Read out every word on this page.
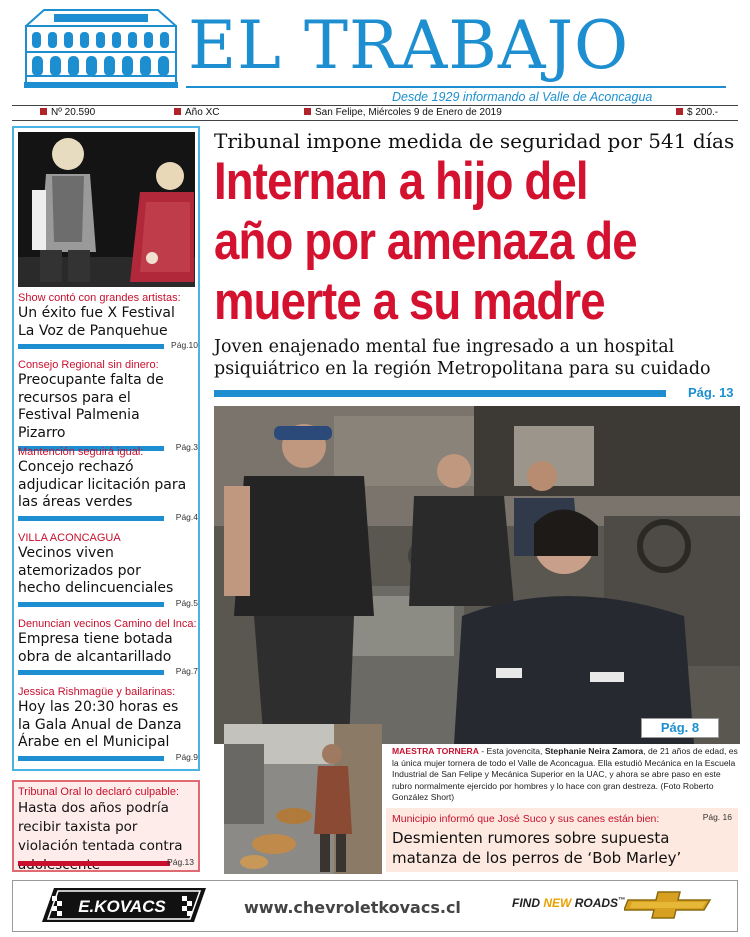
EL TRABAJO
Desde 1929 informando al Valle de Aconcagua
Nº 20.590	Año XC	San Felipe, Miércoles 9 de Enero de 2019	$ 200.-
Show contó con grandes artistas:
Un éxito fue X Festival La Voz de Panquehue
Pág.10
Consejo Regional sin dinero:
Preocupante falta de recursos para el Festival Palmenia Pizarro
Pág.3
Mantención seguirá igual:
Concejo rechazó adjudicar licitación para las áreas verdes
Pág.4
VILLA ACONCAGUA
Vecinos viven atemorizados por hecho delincuenciales
Pág.5
Denuncian vecinos Camino del Inca:
Empresa tiene botada obra de alcantarillado
Pág.7
Jessica Rishmagüe y bailarinas:
Hoy las 20:30 horas es la Gala Anual de Danza Árabe en el Municipal
Pág.9
Tribunal Oral lo declaró culpable:
Hasta dos años podría recibir taxista por violación tentada contra
Pág.13
Tribunal impone medida de seguridad por 541 días
Internan a hijo del
año por amenaza de
muerte a su madre
Joven enajenado mental fue ingresado a un hospital
psiquiátrico en la región Metropolitana para su cuidado
Pág. 13
Pág. 8
MAESTRA TORNERA - Esta jovencita, Stephanie Neira Zamora, de 21 años de edad, es la única mujer tornera de todo el Valle de Aconcagua. Ella estudió Mecánica en la Escuela Industrial de San Felipe y Mecánica Superior en la UAC, y ahora se abre paso en este rubro normalmente ejercido por hombres y lo hace con gran destreza. (Foto Roberto González Short)
Municipio informó que José Suco y sus canes están bien:	Pág. 16
Desmienten rumores sobre supuesta matanza de los perros de ‘Bob Marley’
E.KOVACS	www.chevroletkovacs.cl	FIND NEW ROADS™
